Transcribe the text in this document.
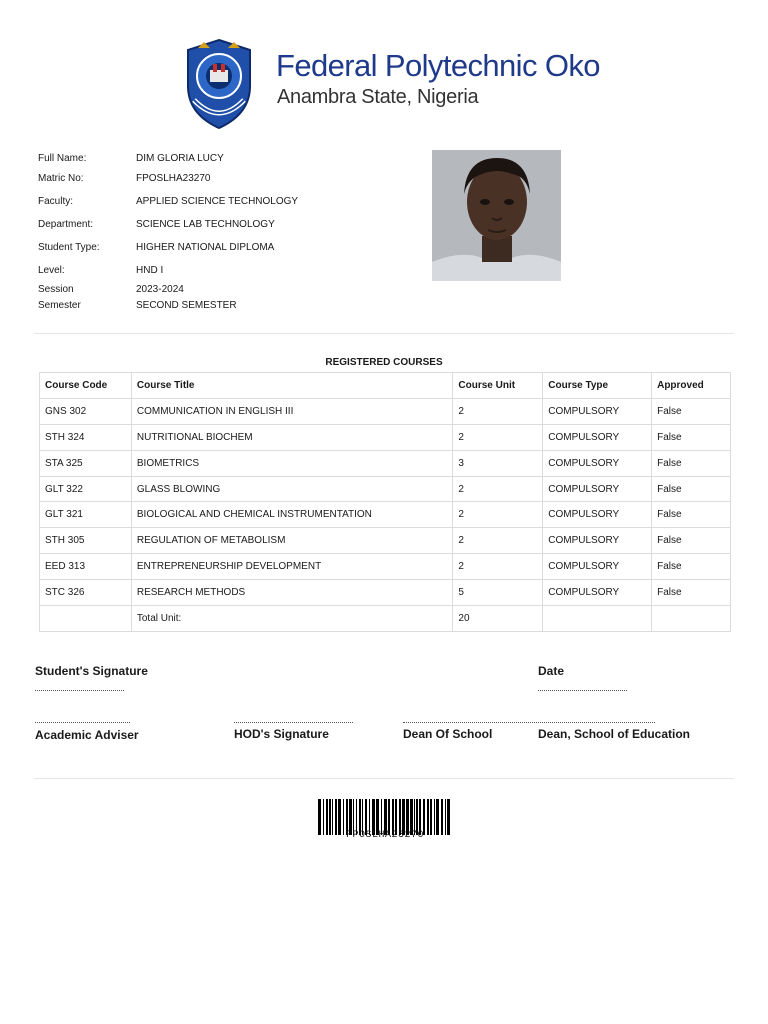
Federal Polytechnic Oko
Anambra State, Nigeria
Full Name:	DIM GLORIA LUCY
Matric No:	FPOSLHA23270
Faculty:	APPLIED SCIENCE TECHNOLOGY
Department:	SCIENCE LAB TECHNOLOGY
Student Type:	HIGHER NATIONAL DIPLOMA
Level:	HND I
Session	2023-2024
Semester	SECOND SEMESTER
REGISTERED COURSES
Course Code	Course Title	Course Unit	Course Type	Approved
GNS 302	COMMUNICATION IN ENGLISH III	2	COMPULSORY	False
STH 324	NUTRITIONAL BIOCHEM	2	COMPULSORY	False
STA 325	BIOMETRICS	3	COMPULSORY	False
GLT 322	GLASS BLOWING	2	COMPULSORY	False
GLT 321	BIOLOGICAL AND CHEMICAL INSTRUMENTATION	2	COMPULSORY	False
STH 305	REGULATION OF METABOLISM	2	COMPULSORY	False
EED 313	ENTREPRENEURSHIP DEVELOPMENT	2	COMPULSORY	False
STC 326	RESEARCH METHODS	5	COMPULSORY	False
	Total Unit:	20		
Student's Signature	Date
Academic Adviser	HOD's Signature	Dean Of School	Dean, School of Education
FPOSLHA23270
